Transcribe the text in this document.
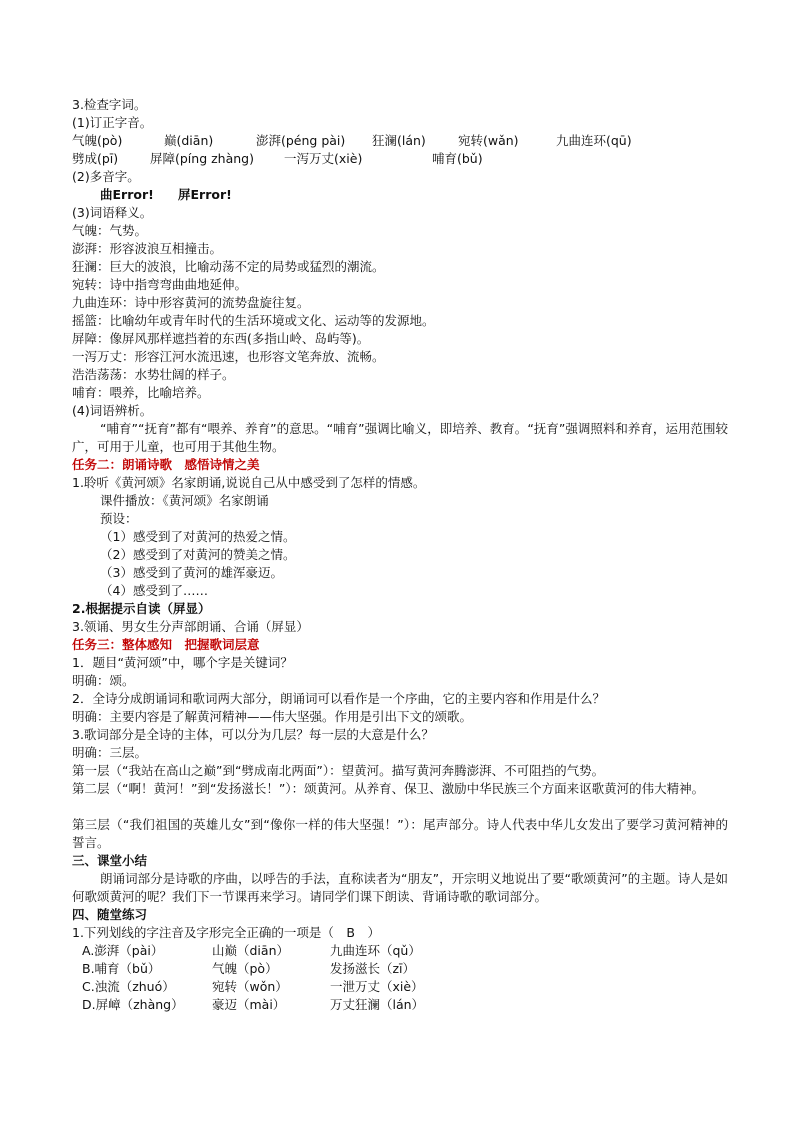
3.检查字词。
(1)订正字音。
气魄(pò)	巅(diān)	澎湃(péng pài) 狂澜(lán)	宛转(wǎn)	九曲连环(qū)
劈成(pī)	屏障(píng zhàng) 一泻万丈(xiè)	哺育(bǔ)
(2)多音字。
曲Error! 屏Error!
(3)词语释义。
气魄：气势。
澎湃：形容波浪互相撞击。
狂澜：巨大的波浪，比喻动荡不定的局势或猛烈的潮流。
宛转：诗中指弯弯曲曲地延伸。
九曲连环：诗中形容黄河的流势盘旋往复。
摇篮：比喻幼年或青年时代的生活环境或文化、运动等的发源地。
屏障：像屏风那样遮挡着的东西(多指山岭、岛屿等)。
一泻万丈：形容江河水流迅速，也形容文笔奔放、流畅。
浩浩荡荡：水势壮阔的样子。
哺育：喂养，比喻培养。
(4)词语辨析。
“哺育”“抚育”都有“喂养、养育”的意思。“哺育”强调比喻义，即培养、教育。“抚育”强调照料和养育，运用范围较广，可用于儿童，也可用于其他生物。
任务二：朗诵诗歌　感悟诗情之美
1.聆听《黄河颂》名家朗诵,说说自己从中感受到了怎样的情感。
课件播放：《黄河颂》名家朗诵
预设：
（1）感受到了对黄河的热爱之情。
（2）感受到了对黄河的赞美之情。
（3）感受到了黄河的雄浑豪迈。
（4）感受到了……
2.根据提示自读（屏显）
3.领诵、男女生分声部朗诵、合诵（屏显）
任务三：整体感知　把握歌词层意
1．题目“黄河颂”中，哪个字是关键词？
明确：颂。
2．全诗分成朗诵词和歌词两大部分，朗诵词可以看作是一个序曲，它的主要内容和作用是什么？
明确：主要内容是了解黄河精神——伟大坚强。作用是引出下文的颂歌。
3.歌词部分是全诗的主体，可以分为几层？每一层的大意是什么？
明确：三层。
第一层（“我站在高山之巅”到“劈成南北两面”）：望黄河。描写黄河奔腾澎湃、不可阻挡的气势。
第二层（“啊！黄河！”到“发扬滋长！”）：颂黄河。从养育、保卫、激励中华民族三个方面来讴歌黄河的伟大精神。
第三层（“我们祖国的英雄儿女”到“像你一样的伟大坚强！”）：尾声部分。诗人代表中华儿女发出了要学习黄河精神的誓言。
三、课堂小结
朗诵词部分是诗歌的序曲，以呼告的手法，直称读者为“朋友”，开宗明义地说出了要“歌颂黄河”的主题。诗人是如何歌颂黄河的呢？我们下一节课再来学习。请同学们课下朗读、背诵诗歌的歌词部分。
四、随堂练习
1.下列划线的字注音及字形完全正确的一项是（　B　）
A.澎湃（pài）	山巅（diān）	九曲连环（qǔ）
B.哺育（bǔ）	气魄（pò）	发扬滋长（zī）
C.浊流（zhuó）	宛转（wǒn）	一泄万丈（xiè）
D.屏嶂（zhàng） 豪迈（mài）	万丈狂澜（lán）
